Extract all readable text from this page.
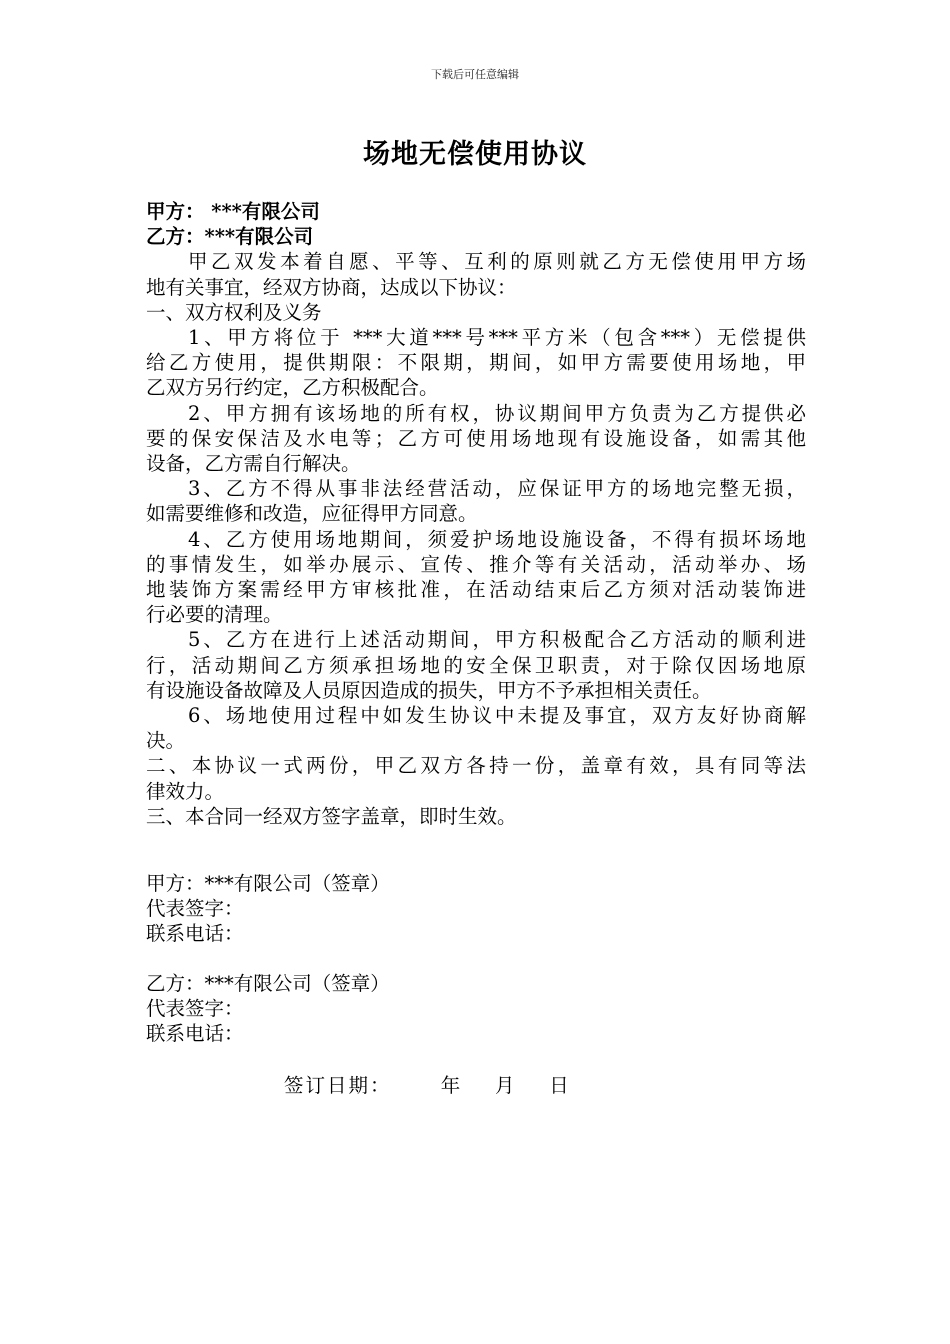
下载后可任意编辑
场地无偿使用协议
甲方： ***有限公司
乙方：***有限公司
甲乙双发本着自愿、平等、互利的原则就乙方无偿使用甲方场
地有关事宜，经双方协商，达成以下协议：
一、双方权利及义务
1、甲方将位于 ***大道***号***平方米（包含***）无偿提供
给乙方使用，提供期限：不限期，期间，如甲方需要使用场地，甲
乙双方另行约定，乙方积极配合。
2、甲方拥有该场地的所有权，协议期间甲方负责为乙方提供必
要的保安保洁及水电等；乙方可使用场地现有设施设备，如需其他
设备，乙方需自行解决。
3、乙方不得从事非法经营活动，应保证甲方的场地完整无损，
如需要维修和改造，应征得甲方同意。
4、乙方使用场地期间，须爱护场地设施设备，不得有损坏场地
的事情发生，如举办展示、宣传、推介等有关活动，活动举办、场
地装饰方案需经甲方审核批准，在活动结束后乙方须对活动装饰进
行必要的清理。
5、乙方在进行上述活动期间，甲方积极配合乙方活动的顺利进
行，活动期间乙方须承担场地的安全保卫职责，对于除仅因场地原
有设施设备故障及人员原因造成的损失，甲方不予承担相关责任。
6、场地使用过程中如发生协议中未提及事宜，双方友好协商解
决。
二、本协议一式两份，甲乙双方各持一份，盖章有效，具有同等法
律效力。
三、本合同一经双方签字盖章，即时生效。
甲方：***有限公司（签章）
代表签字：
联系电话：
乙方：***有限公司（签章）
代表签字：
联系电话：
签订日期：      年    月    日
